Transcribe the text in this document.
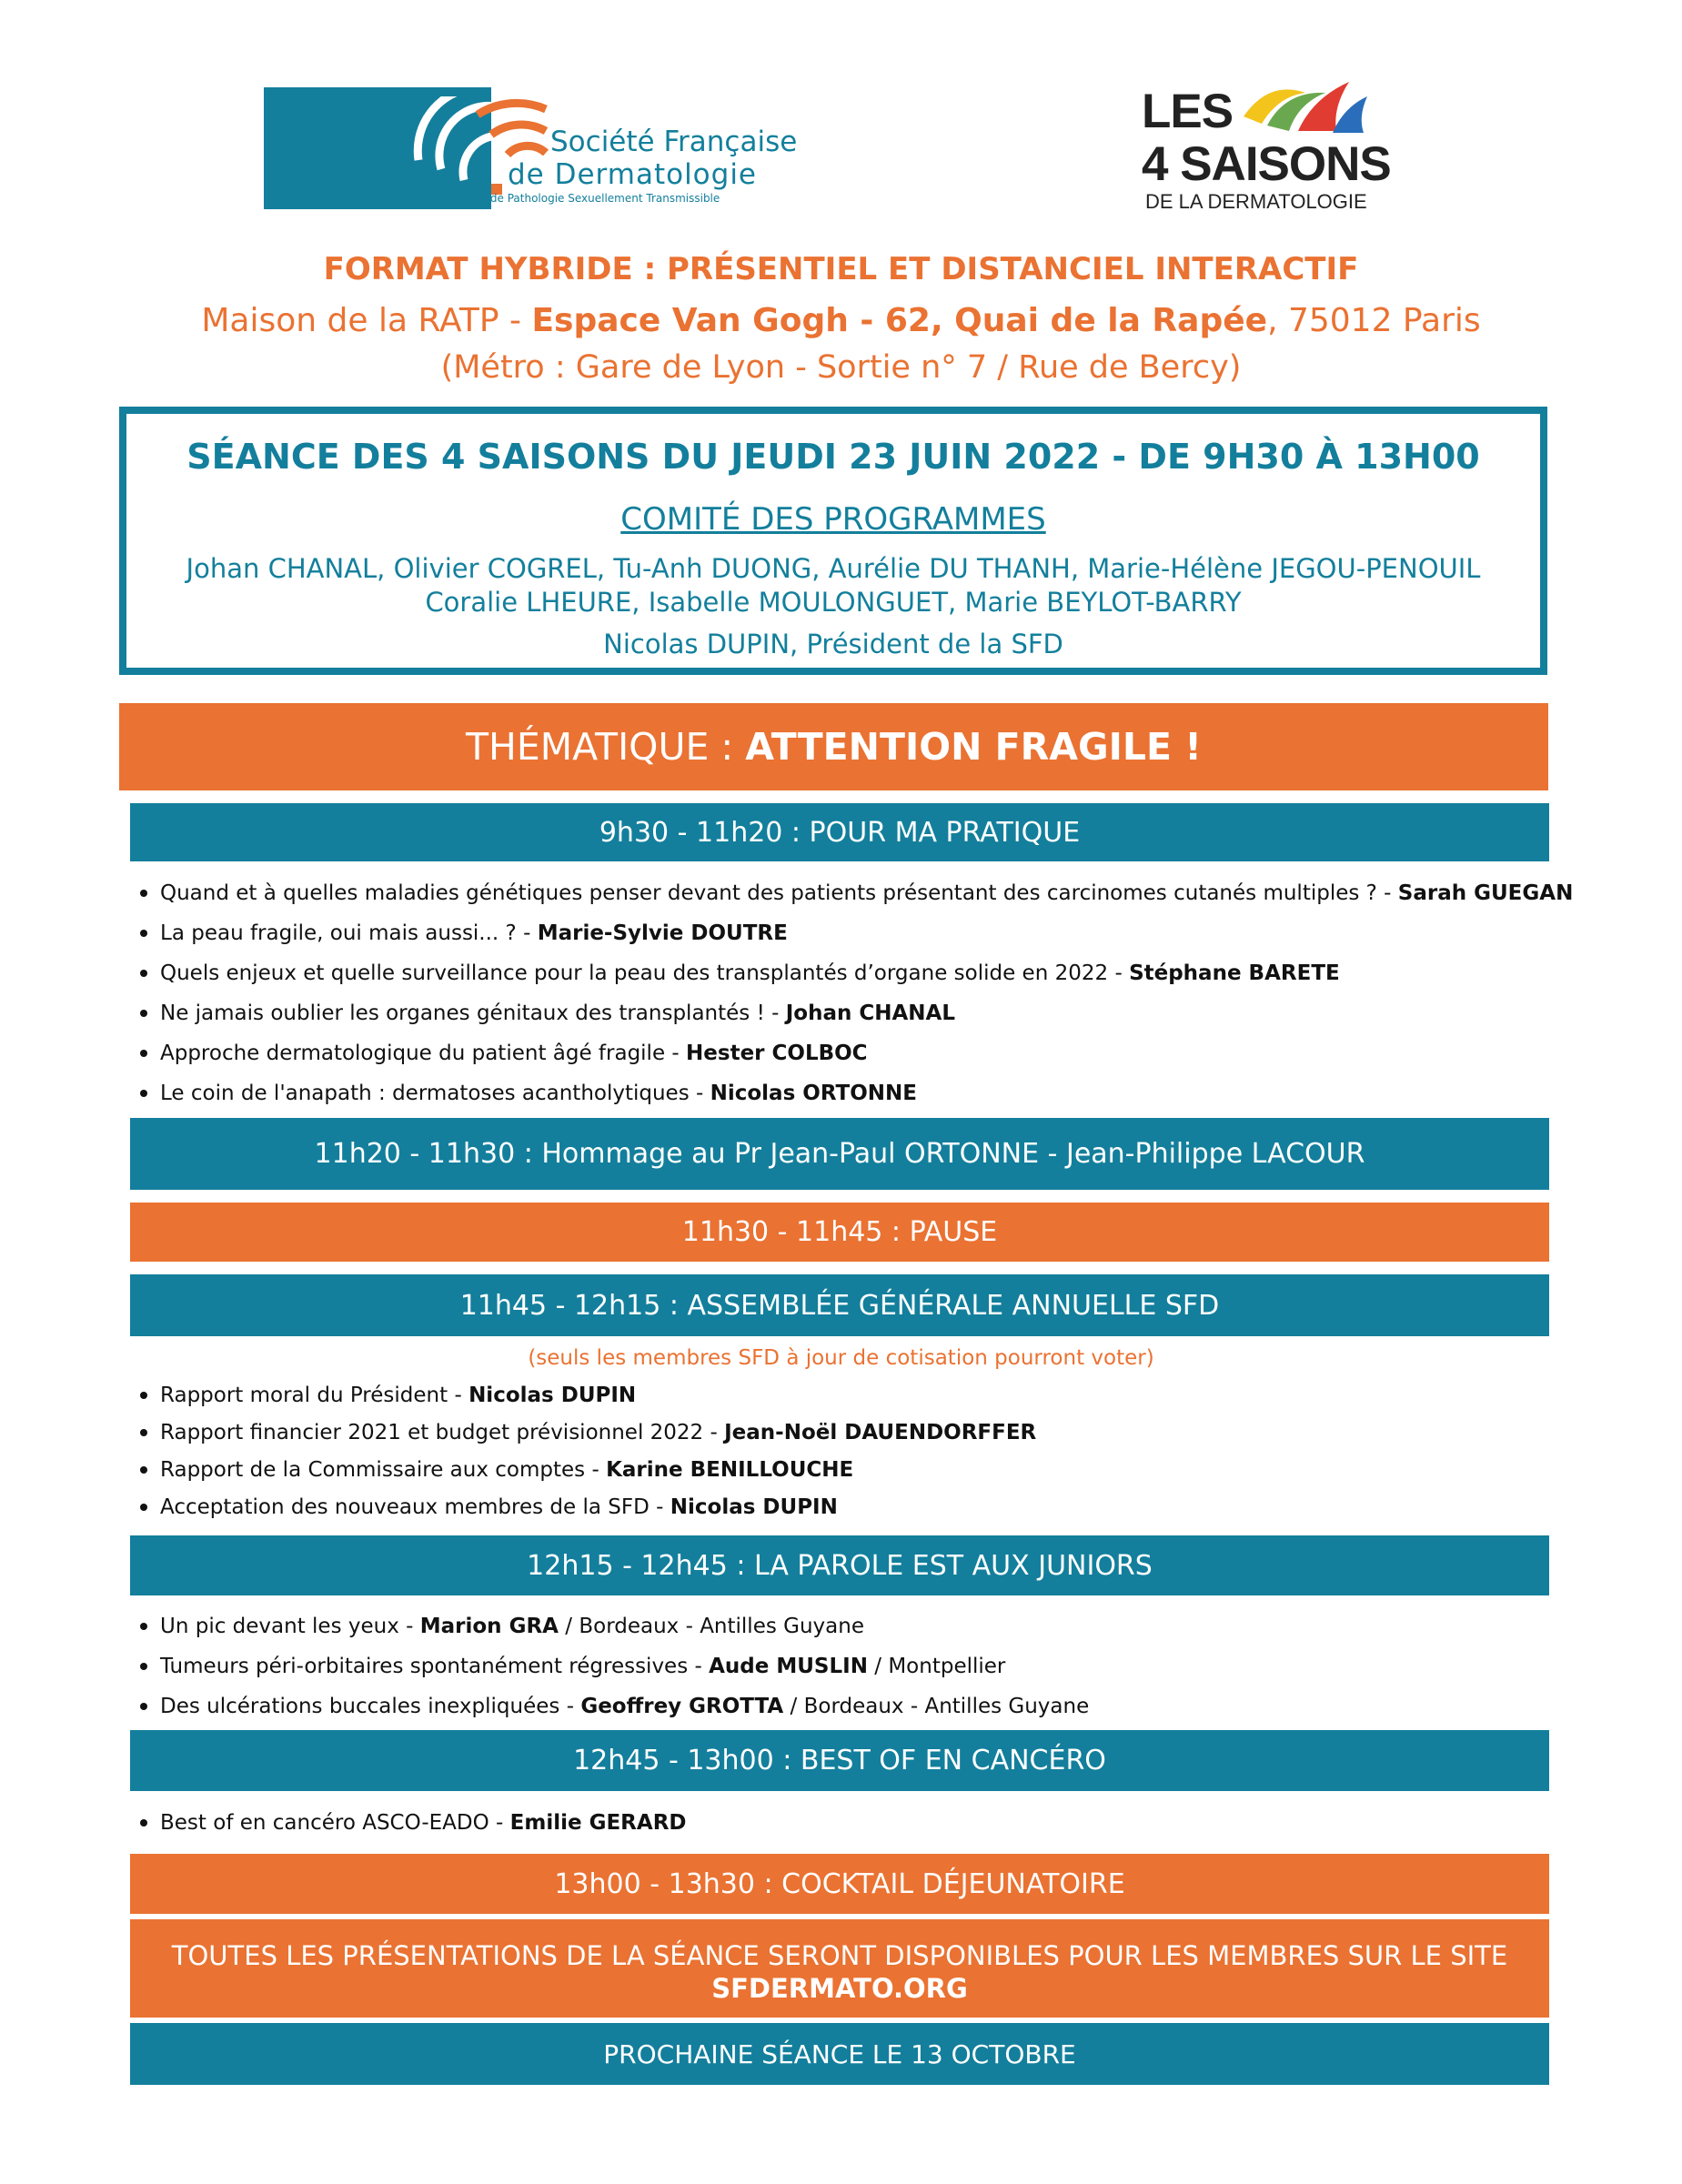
Société Française
de Dermatologie
et de Pathologie Sexuellement Transmissible
LES
4 SAISONS
DE LA DERMATOLOGIE
FORMAT HYBRIDE : PRÉSENTIEL ET DISTANCIEL INTERACTIF
Maison de la RATP - Espace Van Gogh - 62, Quai de la Rapée, 75012 Paris
(Métro : Gare de Lyon - Sortie n° 7 / Rue de Bercy)
SÉANCE DES 4 SAISONS DU JEUDI 23 JUIN 2022 - DE 9H30 À 13H00
COMITÉ DES PROGRAMMES
Johan CHANAL, Olivier COGREL, Tu-Anh DUONG, Aurélie DU THANH, Marie-Hélène JEGOU-PENOUIL Coralie LHEURE, Isabelle MOULONGUET, Marie BEYLOT-BARRY
Nicolas DUPIN, Président de la SFD
THÉMATIQUE :
ATTENTION FRAGILE !
9h30 - 11h20 : POUR MA PRATIQUE
Quand et à quelles maladies génétiques penser devant des patients présentant des carcinomes cutanés multiples ? - Sarah GUEGAN
La peau fragile, oui mais aussi... ? - Marie-Sylvie DOUTRE
Quels enjeux et quelle surveillance pour la peau des transplantés d’organe solide en 2022 - Stéphane BARETE
Ne jamais oublier les organes génitaux des transplantés ! - Johan CHANAL
Approche dermatologique du patient âgé fragile - Hester COLBOC
Le coin de l'anapath : dermatoses acantholytiques - Nicolas ORTONNE
11h20 - 11h30 : Hommage au Pr Jean-Paul ORTONNE - Jean-Philippe LACOUR
11h30 - 11h45 : PAUSE
11h45 - 12h15 : ASSEMBLÉE GÉNÉRALE ANNUELLE SFD
(seuls les membres SFD à jour de cotisation pourront voter)
Rapport moral du Président - Nicolas DUPIN
Rapport financier 2021 et budget prévisionnel 2022 - Jean-Noël DAUENDORFFER
Rapport de la Commissaire aux comptes - Karine BENILLOUCHE
Acceptation des nouveaux membres de la SFD - Nicolas DUPIN
12h15 - 12h45 : LA PAROLE EST AUX JUNIORS
Un pic devant les yeux - Marion GRA / Bordeaux - Antilles Guyane
Tumeurs péri-orbitaires spontanément régressives - Aude MUSLIN / Montpellier
Des ulcérations buccales inexpliquées - Geoffrey GROTTA / Bordeaux - Antilles Guyane
12h45 - 13h00 : BEST OF EN CANCÉRO
Best of en cancéro ASCO-EADO - Emilie GERARD
13h00 - 13h30 : COCKTAIL DÉJEUNATOIRE
TOUTES LES PRÉSENTATIONS DE LA SÉANCE SERONT DISPONIBLES POUR LES MEMBRES SUR LE SITE
SFDERMATO.ORG
PROCHAINE SÉANCE LE 13 OCTOBRE
